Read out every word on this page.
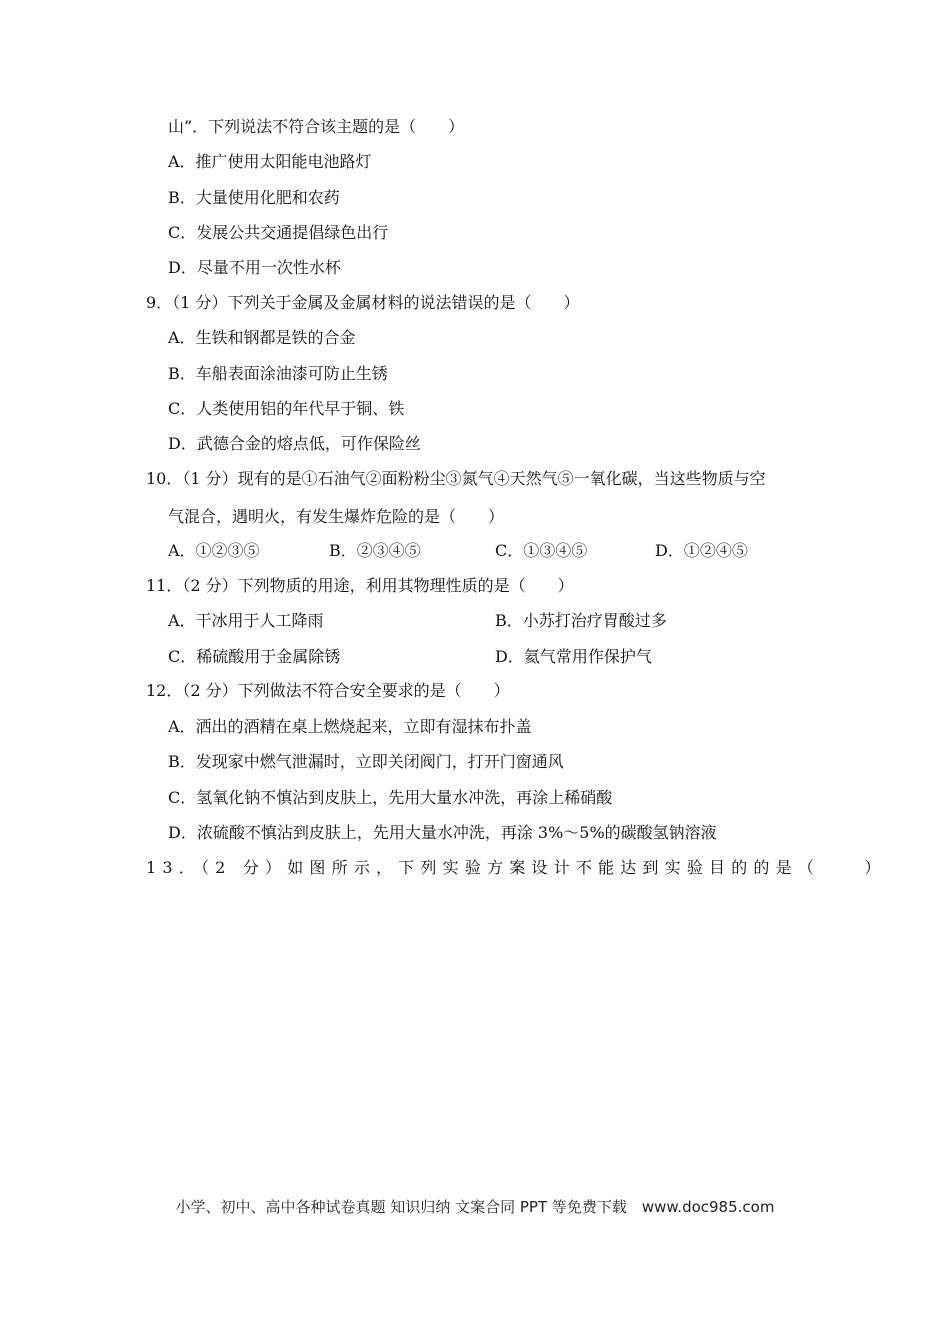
山”．下列说法不符合该主题的是（　　）
A．推广使用太阳能电池路灯
B．大量使用化肥和农药
C．发展公共交通提倡绿色出行
D．尽量不用一次性水杯
9．（1 分）下列关于金属及金属材料的说法错误的是（　　）
A．生铁和钢都是铁的合金
B．车船表面涂油漆可防止生锈
C．人类使用铝的年代早于铜、铁
D．武德合金的熔点低，可作保险丝
10．（1 分）现有的是①石油气②面粉粉尘③氮气④天然气⑤一氧化碳，当这些物质与空
气混合，遇明火，有发生爆炸危险的是（　　）
A．①②③⑤	B．②③④⑤	C．①③④⑤	D．①②④⑤
11．（2 分）下列物质的用途，利用其物理性质的是（　　）
A．干冰用于人工降雨	B．小苏打治疗胃酸过多
C．稀硫酸用于金属除锈	D．氦气常用作保护气
12．（2 分）下列做法不符合安全要求的是（　　）
A．洒出的酒精在桌上燃烧起来，立即有湿抹布扑盖
B．发现家中燃气泄漏时，立即关闭阀门，打开门窗通风
C．氢氧化钠不慎沾到皮肤上，先用大量水冲洗，再涂上稀硝酸
D．浓硫酸不慎沾到皮肤上，先用大量水冲洗，再涂 3%～5%的碳酸氢钠溶液
13．（2 分）如图所示，下列实验方案设计不能达到实验目的的是（　　）
小学、初中、高中各种试卷真题 知识归纳 文案合同 PPT 等免费下载　www.doc985.com
